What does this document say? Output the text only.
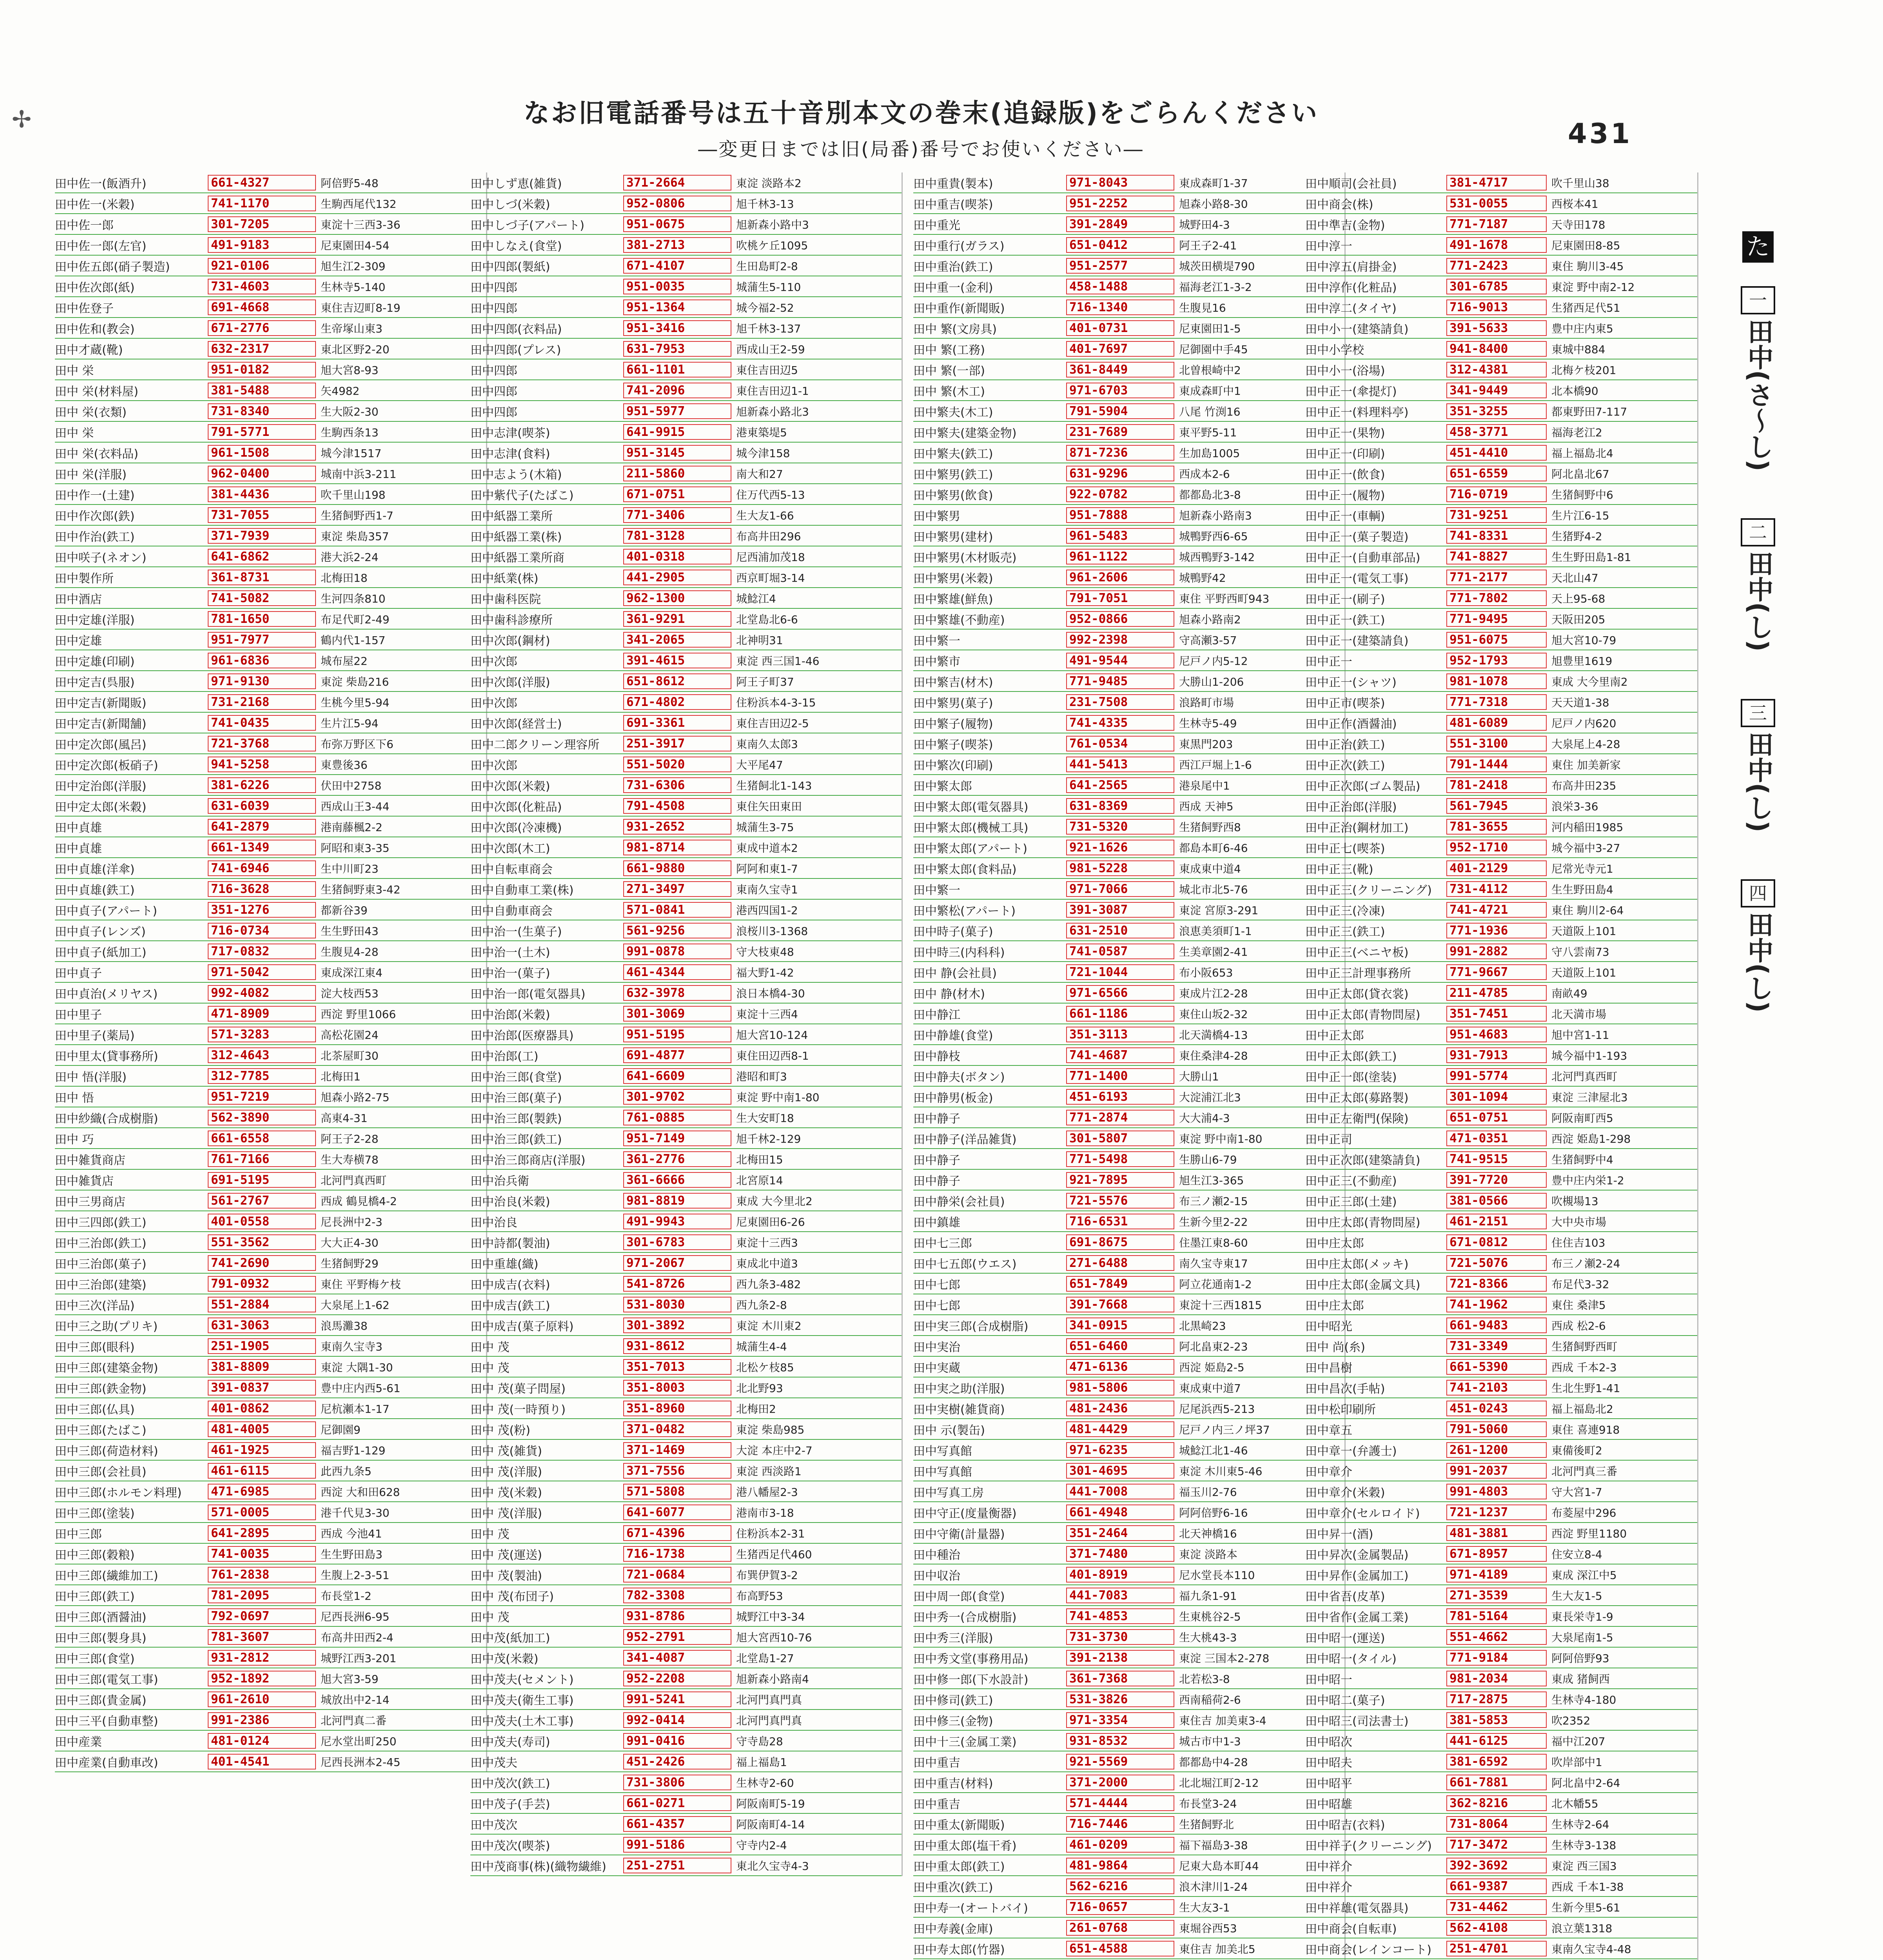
✢	なお旧電話番号は五十音別本文の巻末(追録版)をごらんください
―変更日までは旧(局番)番号でお使いください―	431
田中佐一(飯酒升)	661-4327	阿倍野5-48
田中佐一(米穀)	741-1170	生駒西尾代132
田中佐一郎	301-7205	東淀十三西3-36
田中佐一郎(左官)	491-9183	尼東園田4-54
田中佐五郎(硝子製造)	921-0106	旭生江2-309
田中佐次郎(紙)	731-4603	生林寺5-140
田中佐登子	691-4668	東住吉辺町8-19
田中佐和(教会)	671-2776	生帝塚山東3
田中才蔵(靴)	632-2317	東北区野2-20
田中 栄	951-0182	旭大宮8-93
田中 栄(材料屋)	381-5488	矢4982
田中 栄(衣類)	731-8340	生大阪2-30
田中 栄	791-5771	生駒西条13
田中 栄(衣料品)	961-1508	城今津1517
田中 栄(洋服)	962-0400	城南中浜3-211
田中作一(土建)	381-4436	吹千里山198
田中作次郎(鉄)	731-7055	生猪飼野西1-7
田中作治(鉄工)	371-7939	東淀 柴島357
田中咲子(ネオン)	641-6862	港大浜2-24
田中製作所	361-8731	北梅田18
田中酒店	741-5082	生河四条810
田中定雄(洋服)	781-1650	布足代町2-49
田中定雄	951-7977	鶴内代1-157
田中定雄(印刷)	961-6836	城布屋22
田中定吉(呉服)	971-9130	東淀 柴島216
田中定吉(新聞販)	731-2168	生桃今里5-94
田中定吉(新聞舗)	741-0435	生片江5-94
田中定次郎(風呂)	721-3768	布弥万野区下6
田中定次郎(板硝子)	941-5258	東豊後36
田中定治郎(洋服)	381-6226	伏田中2758
田中定太郎(米穀)	631-6039	西成山王3-44
田中貞雄	641-2879	港南藤楓2-2
田中貞雄	661-1349	阿昭和東3-35
田中貞雄(洋傘)	741-6946	生中川町23
田中貞雄(鉄工)	716-3628	生猪飼野東3-42
田中貞子(アパート)	351-1276	都新谷39
田中貞子(レンズ)	716-0734	生生野田43
田中貞子(紙加工)	717-0832	生腹見4-28
田中貞子	971-5042	東成深江東4
田中貞治(メリヤス)	992-4082	淀大枝西53
田中里子	471-8909	西淀 野里1066
田中里子(薬局)	571-3283	高松花園24
田中里太(貸事務所)	312-4643	北茶屋町30
田中 悟(洋服)	312-7785	北梅田1
田中 悟	951-7219	旭森小路2-75
田中紗織(合成樹脂)	562-3890	高東4-31
田中 巧	661-6558	阿王子2-28
田中雑貨商店	761-7166	生大寿横78
田中雑貨店	691-5195	北河門真西町
田中三男商店	561-2767	西成 鶴見橋4-2
田中三四郎(鉄工)	401-0558	尼長洲中2-3
田中三治郎(鉄工)	551-3562	大大正4-30
田中三治郎(菓子)	741-2690	生猪飼野29
田中三治郎(建築)	791-0932	東住 平野梅ケ枝
田中三次(洋品)	551-2884	大泉尾上1-62
田中三之助(プリキ)	631-3063	浪馬灘38
田中三郎(眼科)	251-1905	東南久宝寺3
田中三郎(建築金物)	381-8809	東淀 大隅1-30
田中三郎(鉄金物)	391-0837	豊中庄内西5-61
田中三郎(仏具)	401-0862	尼杭瀬本1-17
田中三郎(たばこ)	481-4005	尼御園9
田中三郎(荷造材料)	461-1925	福吉野1-129
田中三郎(会社員)	461-6115	此西九条5
田中三郎(ホルモン料理)	471-6985	西淀 大和田628
田中三郎(塗装)	571-0005	港千代見3-30
田中三郎	641-2895	西成 今池41
田中三郎(穀粮)	741-0035	生生野田島3
田中三郎(繊維加工)	761-2838	生腹上2-3-51
田中三郎(鉄工)	781-2095	布長堂1-2
田中三郎(酒醤油)	792-0697	尼西長洲6-95
田中三郎(製身具)	781-3607	布高井田西2-4
田中三郎(食堂)	931-2812	城野江西3-201
田中三郎(電気工事)	952-1892	旭大宮3-59
田中三郎(貴金属)	961-2610	城放出中2-14
田中三平(自動車整)	991-2386	北河門真二番
田中産業	481-0124	尼水堂出町250
田中産業(自動車改)	401-4541	尼西長洲本2-45
田中しず恵(雑貨)	371-2664	東淀 淡路本2
田中しづ(米穀)	952-0806	旭千林3-13
田中しづ子(アパート)	951-0675	旭新森小路中3
田中しなえ(食堂)	381-2713	吹桃ケ丘1095
田中四郎(製紙)	671-4107	生田島町2-8
田中四郎	951-0035	城蒲生5-110
田中四郎	951-1364	城今福2-52
田中四郎(衣料品)	951-3416	旭千林3-137
田中四郎(プレス)	631-7953	西成山王2-59
田中四郎	661-1101	東住吉田辺5
田中四郎	741-2096	東住吉田辺1-1
田中四郎	951-5977	旭新森小路北3
田中志津(喫茶)	641-9915	港東築堤5
田中志津(食料)	951-3145	城今津158
田中志よう(木箱)	211-5860	南大和27
田中紫代子(たばこ)	671-0751	住万代西5-13
田中紙器工業所	771-3406	生大友1-66
田中紙器工業(株)	781-3128	布高井田296
田中紙器工業所商	401-0318	尼西浦加茂18
田中紙業(株)	441-2905	西京町堀3-14
田中歯科医院	962-1300	城鯰江4
田中歯科診療所	361-9291	北堂島北6-6
田中次郎(鋼材)	341-2065	北神明31
田中次郎	391-4615	東淀 西三国1-46
田中次郎(洋服)	651-8612	阿王子町37
田中次郎	671-4802	住粉浜本4-3-15
田中次郎(経営士)	691-3361	東住吉田辺2-5
田中二郎クリーン理容所	251-3917	東南久太郎3
田中次郎	551-5020	大平尾47
田中次郎(米穀)	731-6306	生猪飼北1-143
田中次郎(化粧品)	791-4508	東住矢田東田
田中次郎(冷凍機)	931-2652	城蒲生3-75
田中次郎(木工)	981-8714	東成中道本2
田中自転車商会	661-9880	阿阿和東1-7
田中自動車工業(株)	271-3497	東南久宝寺1
田中自動車商会	571-0841	港西四国1-2
田中治一(生菓子)	561-9256	浪桜川3-1368
田中治一(土木)	991-0878	守大枝東48
田中治一(菓子)	461-4344	福大野1-42
田中治一郎(電気器具)	632-3978	浪日本橋4-30
田中治郎(米穀)	301-3069	東淀十三西4
田中治郎(医療器具)	951-5195	旭大宮10-124
田中治郎(工)	691-4877	東住田辺西8-1
田中治三郎(食堂)	641-6609	港昭和町3
田中治三郎(菓子)	301-9702	東淀 野中南1-80
田中治三郎(製鉄)	761-0885	生大安町18
田中治三郎(鉄工)	951-7149	旭千林2-129
田中治三郎商店(洋服)	361-2776	北梅田15
田中治兵衛	361-6666	北宮原14
田中治良(米穀)	981-8819	東成 大今里北2
田中治良	491-9943	尼東園田6-26
田中詩都(製油)	301-6783	東淀十三西3
田中重雄(織)	971-2067	東成北中道3
田中成吉(衣料)	541-8726	西九条3-482
田中成吉(鉄工)	531-8030	西九条2-8
田中成吉(菓子原料)	301-3892	東淀 木川東2
田中 茂	931-8612	城蒲生4-4
田中 茂	351-7013	北松ケ枝85
田中 茂(菓子問屋)	351-8003	北北野93
田中 茂(一時預り)	351-8960	北梅田2
田中 茂(粉)	371-0482	東淀 柴島985
田中 茂(雑貨)	371-1469	大淀 本庄中2-7
田中 茂(洋服)	371-7556	東淀 西淡路1
田中 茂(米穀)	571-5808	港八幡屋2-3
田中 茂(洋服)	641-6077	港南市3-18
田中 茂	671-4396	住粉浜本2-31
田中 茂(運送)	716-1738	生猪西足代460
田中 茂(製油)	721-0684	布巽伊賀3-2
田中 茂(布団子)	782-3308	布高野53
田中 茂	931-8786	城野江中3-34
田中茂(紙加工)	952-2791	旭大宮西10-76
田中茂(米穀)	341-4087	北堂島1-27
田中茂夫(セメント)	952-2208	旭新森小路南4
田中茂夫(衛生工事)	991-5241	北河門真門真
田中茂夫(土木工事)	992-0414	北河門真門真
田中茂夫(寿司)	991-0416	守寺島28
田中茂夫	451-2426	福上福島1
田中茂次(鉄工)	731-3806	生林寺2-60
田中茂子(手芸)	661-0271	阿阪南町5-19
田中茂次	661-4357	阿阪南町4-14
田中茂次(喫茶)	991-5186	守寺内2-4
田中茂商事(株)(織物繊維)	251-2751	東北久宝寺4-3
田中重貴(製本)	971-8043	東成森町1-37
田中重吉(喫茶)	951-2252	旭森小路8-30
田中重光	391-2849	城野田4-3
田中重行(ガラス)	651-0412	阿王子2-41
田中重治(鉄工)	951-2577	城茨田横堤790
田中重一(金利)	458-1488	福海老江1-3-2
田中重作(新聞販)	716-1340	生腹見16
田中 繁(文房具)	401-0731	尼東園田1-5
田中 繁(工務)	401-7697	尼御園中手45
田中 繁(一部)	361-8449	北曽根崎中2
田中 繁(木工)	971-6703	東成森町中1
田中繁夫(木工)	791-5904	八尾 竹渕16
田中繁夫(建築金物)	231-7689	東平野5-11
田中繁夫(鉄工)	871-7236	生加島1005
田中繁男(鉄工)	631-9296	西成本2-6
田中繁男(飲食)	922-0782	都都島北3-8
田中繁男	951-7888	旭新森小路南3
田中繁男(建材)	961-5483	城鴨野西6-65
田中繁男(木材販売)	961-1122	城西鴨野3-142
田中繁男(米穀)	961-2606	城鴨野42
田中繁雄(鮮魚)	791-7051	東住 平野西町943
田中繁雄(不動産)	952-0866	旭森小路南2
田中繁一	992-2398	守高瀬3-57
田中繁市	491-9544	尼戸ノ内5-12
田中繁吉(材木)	771-9485	大勝山1-206
田中繁男(菓子)	231-7508	浪路町市場
田中繁子(履物)	741-4335	生林寺5-49
田中繁子(喫茶)	761-0534	東黒門203
田中繁次(印刷)	441-5413	西江戸堀上1-6
田中繁太郎	641-2565	港泉尾中1
田中繁太郎(電気器具)	631-8369	西成 天神5
田中繁太郎(機械工具)	731-5320	生猪飼野西8
田中繁太郎(アパート)	921-1626	都島本町6-46
田中繁太郎(食料品)	981-5228	東成東中道4
田中繁一	971-7066	城北市北5-76
田中繁松(アパート)	391-3087	東淀 宮原3-291
田中時子(菓子)	631-2510	浪恵美須町1-1
田中時三(内科科)	741-0587	生美章園2-41
田中 静(会社員)	721-1044	布小阪653
田中 静(材木)	971-6566	東成片江2-28
田中静江	661-1186	東住山坂2-32
田中静雄(食堂)	351-3113	北天満橋4-13
田中静枝	741-4687	東住桑津4-28
田中静夫(ボタン)	771-1400	大勝山1
田中静男(板金)	451-6193	大淀浦江北3
田中静子	771-2874	大大浦4-3
田中静子(洋品雑貨)	301-5807	東淀 野中南1-80
田中静子	771-5498	生勝山6-79
田中静子	921-7895	旭生江3-365
田中静栄(会社員)	721-5576	布三ノ瀬2-15
田中鎮雄	716-6531	生新今里2-22
田中七三郎	691-8675	住墨江東8-60
田中七五郎(ウエス)	271-6488	南久宝寺東17
田中七郎	651-7849	阿立花通南1-2
田中七郎	391-7668	東淀十三西1815
田中実三郎(合成樹脂)	341-0915	北黒崎23
田中実治	651-6460	阿北畠東2-23
田中実蔵	471-6136	西淀 姫島2-5
田中実之助(洋服)	981-5806	東成東中道7
田中実樹(雑貨商)	481-2436	尼尾浜西5-213
田中 示(製缶)	481-4429	尼戸ノ内三ノ坪37
田中写真館	971-6235	城鯰江北1-46
田中写真館	301-4695	東淀 木川東5-46
田中写真工房	441-7008	福玉川2-76
田中守正(度量衡器)	661-4948	阿阿倍野6-16
田中守衛(計量器)	351-2464	北天神橋16
田中種治	371-7480	東淀 淡路本
田中収治	401-8919	尼水堂長本110
田中周一郎(食堂)	441-7083	福九条1-91
田中秀一(合成樹脂)	741-4853	生東桃谷2-5
田中秀三(洋服)	731-3730	生大桃43-3
田中秀文堂(事務用品)	391-2138	東淀 三国本2-278
田中修一郎(下水設計)	361-7368	北若松3-8
田中修司(鉄工)	531-3826	西南稲荷2-6
田中修三(金物)	971-3354	東住吉 加美東3-4
田中十三(金属工業)	931-8532	城古市中1-3
田中重吉	921-5569	都都島中4-28
田中重吉(材料)	371-2000	北北堀江町2-12
田中重吉	571-4444	布長堂3-24
田中重太(新聞販)	716-7446	生猪飼野北
田中重太郎(塩干肴)	461-0209	福下福島3-38
田中重太郎(鉄工)	481-9864	尼東大島本町44
田中重次(鉄工)	562-6216	浪木津川1-24
田中寿一(オートバイ)	716-0657	生大友3-1
田中寿義(金庫)	261-0768	東堀谷西53
田中寿太郎(竹器)	651-4588	東住吉 加美北5
田中順司(会社員)	381-4717	吹千里山38
田中商会(株)	531-0055	西桜本41
田中準吉(金物)	771-7187	天寺田178
田中淳一	491-1678	尼東園田8-85
田中淳五(肩掛金)	771-2423	東住 駒川3-45
田中淳作(化粧品)	301-6785	東淀 野中南2-12
田中淳二(タイヤ)	716-9013	生猪西足代51
田中小一(建築請負)	391-5633	豊中庄内東5
田中小学校	941-8400	東城中884
田中小一(浴場)	312-4381	北梅ケ枝201
田中正一(傘提灯)	341-9449	北本橋90
田中正一(料理料亭)	351-3255	都東野田7-117
田中正一(果物)	458-3771	福海老江2
田中正一(印刷)	451-4410	福上福島北4
田中正一(飲食)	651-6559	阿北畠北67
田中正一(履物)	716-0719	生猪飼野中6
田中正一(車輌)	731-9251	生片江6-15
田中正一(菓子製造)	741-8331	生猪野4-2
田中正一(自動車部品)	741-8827	生生野田島1-81
田中正一(電気工事)	771-2177	天北山47
田中正一(刷子)	771-7802	天上95-68
田中正一(鉄工)	771-9495	天阪田205
田中正一(建築請負)	951-6075	旭大宮10-79
田中正一	952-1793	旭豊里1619
田中正一(シャツ)	981-1078	東成 大今里南2
田中正市(喫茶)	771-7318	天天道1-38
田中正作(酒醤油)	481-6089	尼戸ノ内620
田中正治(鉄工)	551-3100	大泉尾上4-28
田中正次(鉄工)	791-1444	東住 加美新家
田中正次郎(ゴム製品)	781-2418	布高井田235
田中正治郎(洋服)	561-7945	浪栄3-36
田中正治(鋼材加工)	781-3655	河内稲田1985
田中正七(喫茶)	952-1710	城今福中3-27
田中正三(靴)	401-2129	尼常光寺元1
田中正三(クリーニング)	731-4112	生生野田島4
田中正三(冷凍)	741-4721	東住 駒川2-64
田中正三(鉄工)	771-1936	天道阪上101
田中正三(ベニヤ板)	991-2882	守八雲南73
田中正三計理事務所	771-9667	天道阪上101
田中正太郎(貸衣裳)	211-4785	南畝49
田中正太郎(青物問屋)	351-7451	北天満市場
田中正太郎	951-4683	旭中宮1-11
田中正太郎(鉄工)	931-7913	城今福中1-193
田中正一郎(塗装)	991-5774	北河門真西町
田中正太郎(募路製)	301-1094	東淀 三津屋北3
田中正左衛門(保険)	651-0751	阿阪南町西5
田中正司	471-0351	西淀 姫島1-298
田中正次郎(建築請負)	741-9515	生猪飼野中4
田中正三(不動産)	391-7720	豊中庄内栄1-2
田中正三郎(土建)	381-0566	吹槻場13
田中庄太郎(青物問屋)	461-2151	大中央市場
田中庄太郎	671-0812	住住吉103
田中庄太郎(メッキ)	721-5076	布三ノ瀬2-24
田中庄太郎(金属文具)	721-8366	布足代3-32
田中庄太郎	741-1962	東住 桑津5
田中昭光	661-9483	西成 松2-6
田中 尚(糸)	731-3349	生猪飼野西町
田中昌樹	661-5390	西成 千本2-3
田中昌次(手帖)	741-2103	生北生野1-41
田中松印刷所	451-0243	福上福島北2
田中章五	791-5060	東住 喜連918
田中章一(弁護士)	261-1200	東備後町2
田中章介	991-2037	北河門真三番
田中章介(米穀)	991-4803	守大宮1-7
田中章介(セルロイド)	721-1237	布菱屋中296
田中昇一(酒)	481-3881	西淀 野里1180
田中昇次(金属製品)	671-8957	住安立8-4
田中昇作(金属加工)	971-4189	東成 深江中5
田中省吾(皮革)	271-3539	生大友1-5
田中省作(金属工業)	781-5164	東長栄寺1-9
田中昭一(運送)	551-4662	大泉尾南1-5
田中昭一(タイル)	771-9184	阿阿倍野93
田中昭一	981-2034	東成 猪飼西
田中昭二(菓子)	717-2875	生林寺4-180
田中昭三(司法書士)	381-5853	吹2352
田中昭次	441-6125	福中江207
田中昭夫	381-6592	吹岸部中1
田中昭平	661-7881	阿北畠中2-64
田中昭雄	362-8216	北木幡55
田中昭吉(衣料)	731-8064	生林寺2-64
田中祥子(クリーニング)	717-3472	生林寺3-138
田中祥介	392-3692	東淀 西三国3
田中祥介	661-9387	西成 千本1-38
田中祥雄(電気器具)	731-4462	生新今里5-61
田中商会(自転車)	562-4108	浪立葉1318
田中商会(レインコート)	251-4701	東南久宝寺4-48
た
一
田中(さ〜し)
二
田中(し)
三
田中(し)
四
田中(し)
